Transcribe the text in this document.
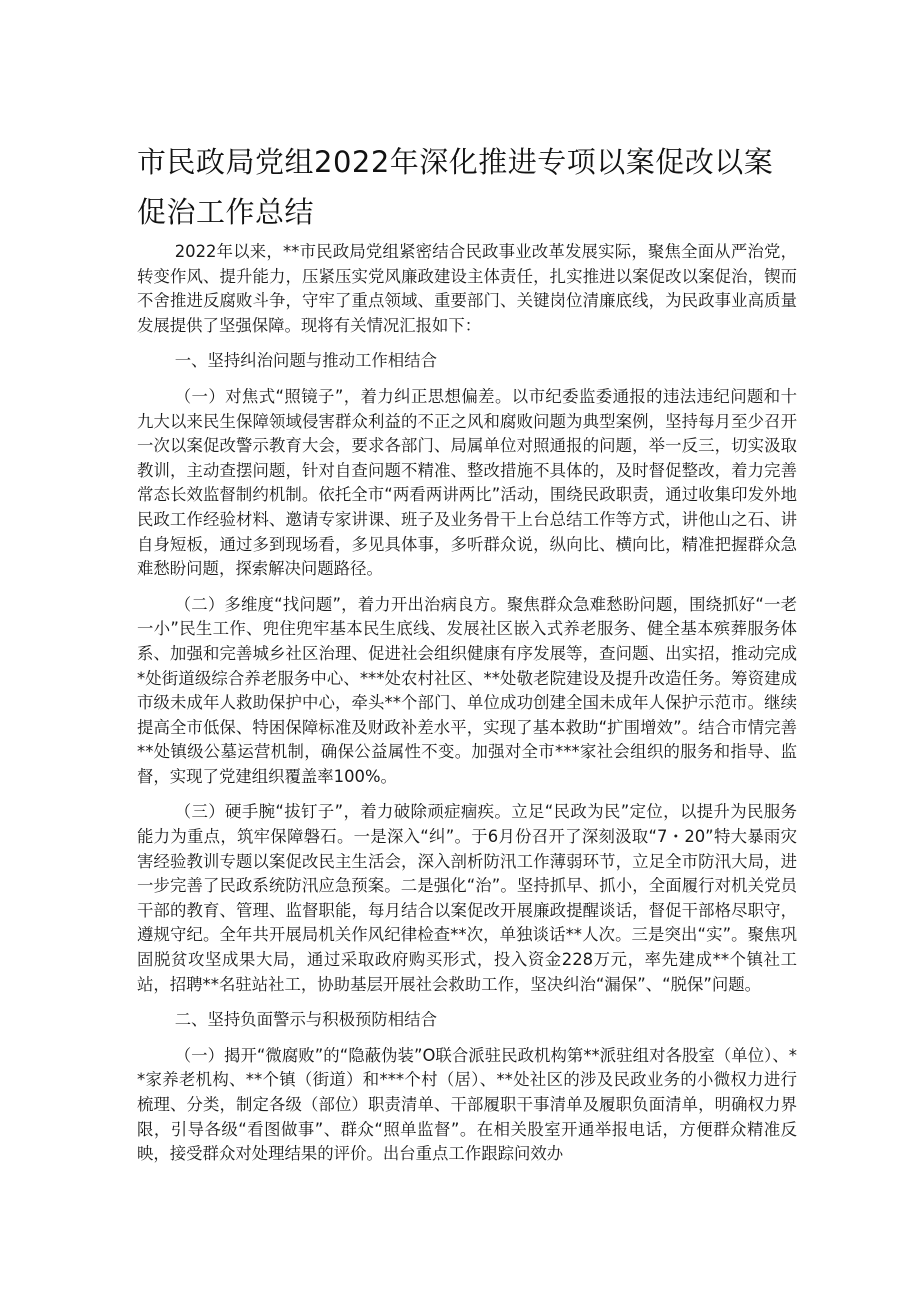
市民政局党组2022年深化推进专项以案促改以案促治工作总结

2022年以来，**市民政局党组紧密结合民政事业改革发展实际，聚焦全面从严治党，转变作风、提升能力，压紧压实党风廉政建设主体责任，扎实推进以案促改以案促治，锲而不舍推进反腐败斗争，守牢了重点领域、重要部门、关键岗位清廉底线，为民政事业高质量发展提供了坚强保障。现将有关情况汇报如下：

一、坚持纠治问题与推动工作相结合

（一）对焦式“照镜子”，着力纠正思想偏差。以市纪委监委通报的违法违纪问题和十九大以来民生保障领域侵害群众利益的不正之风和腐败问题为典型案例，坚持每月至少召开一次以案促改警示教育大会，要求各部门、局属单位对照通报的问题，举一反三，切实汲取教训，主动查摆问题，针对自查问题不精准、整改措施不具体的，及时督促整改，着力完善常态长效监督制约机制。依托全市“两看两讲两比”活动，围绕民政职责，通过收集印发外地民政工作经验材料、邀请专家讲课、班子及业务骨干上台总结工作等方式，讲他山之石、讲自身短板，通过多到现场看，多见具体事，多听群众说，纵向比、横向比，精准把握群众急难愁盼问题，探索解决问题路径。

（二）多维度“找问题”，着力开出治病良方。聚焦群众急难愁盼问题，围绕抓好“一老一小”民生工作、兜住兜牢基本民生底线、发展社区嵌入式养老服务、健全基本殡葬服务体系、加强和完善城乡社区治理、促进社会组织健康有序发展等，查问题、出实招，推动完成*处街道级综合养老服务中心、***处农村社区、**处敬老院建设及提升改造任务。筹资建成市级未成年人救助保护中心，牵头**个部门、单位成功创建全国未成年人保护示范市。继续提高全市低保、特困保障标准及财政补差水平，实现了基本救助“扩围增效”。结合市情完善**处镇级公墓运营机制，确保公益属性不变。加强对全市***家社会组织的服务和指导、监督，实现了党建组织覆盖率100%。

（三）硬手腕“拔钉子”，着力破除顽症痼疾。立足“民政为民”定位，以提升为民服务能力为重点，筑牢保障磐石。一是深入“纠”。于6月份召开了深刻汲取“7・20”特大暴雨灾害经验教训专题以案促改民主生活会，深入剖析防汛工作薄弱环节，立足全市防汛大局，进一步完善了民政系统防汛应急预案。二是强化“治”。坚持抓早、抓小，全面履行对机关党员干部的教育、管理、监督职能，每月结合以案促改开展廉政提醒谈话，督促干部格尽职守，遵规守纪。全年共开展局机关作风纪律检查**次，单独谈话**人次。三是突出“实”。聚焦巩固脱贫攻坚成果大局，通过采取政府购买形式，投入资金228万元，率先建成**个镇社工站，招聘**名驻站社工，协助基层开展社会救助工作，坚决纠治“漏保”、“脱保”问题。

二、坚持负面警示与积极预防相结合

（一）揭开“微腐败”的“隐蔽伪装”O联合派驻民政机构第**派驻组对各股室（单位）、**家养老机构、**个镇（街道）和***个村（居）、**处社区的涉及民政业务的小微权力进行梳理、分类，制定各级（部位）职责清单、干部履职干事清单及履职负面清单，明确权力界限，引导各级“看图做事”、群众“照单监督”。在相关股室开通举报电话，方便群众精准反映，接受群众对处理结果的评价。出台重点工作跟踪问效办
